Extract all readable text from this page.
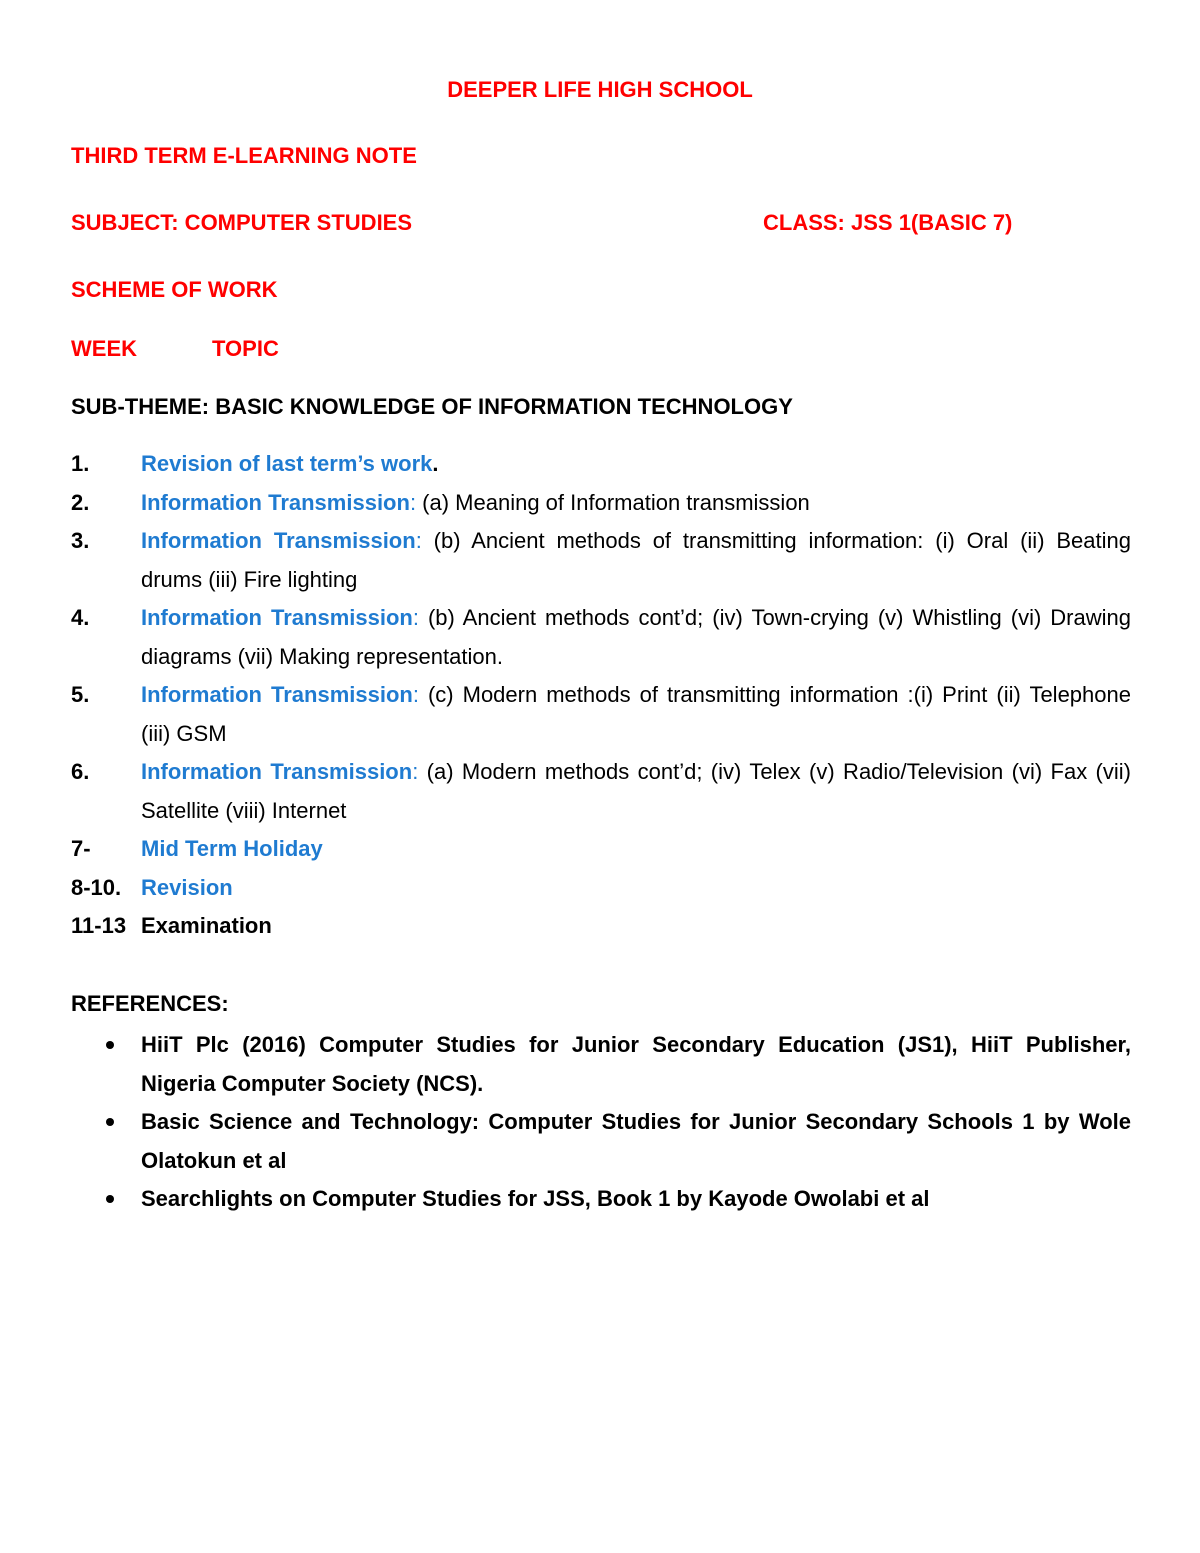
DEEPER LIFE HIGH SCHOOL
THIRD TERM E-LEARNING NOTE
SUBJECT: COMPUTER STUDIES	CLASS: JSS 1(BASIC 7)
SCHEME OF WORK
WEEK	TOPIC
SUB-THEME: BASIC KNOWLEDGE OF INFORMATION TECHNOLOGY
1.	Revision of last term’s work.
2.	Information Transmission: (a) Meaning of Information transmission
3.	Information Transmission: (b) Ancient methods of transmitting information: (i) Oral (ii) Beating drums (iii) Fire lighting
4.	Information Transmission: (b) Ancient methods cont’d; (iv) Town-crying (v) Whistling (vi) Drawing diagrams (vii) Making representation.
5.	Information Transmission: (c) Modern methods of transmitting information :(i) Print (ii) Telephone (iii) GSM
6.	Information Transmission: (a) Modern methods cont’d; (iv) Telex (v) Radio/Television (vi) Fax (vii) Satellite (viii) Internet
7-	Mid Term Holiday
8-10. Revision
11-13 Examination
REFERENCES:
HiiT Plc (2016) Computer Studies for Junior Secondary Education (JS1), HiiT Publisher, Nigeria Computer Society (NCS).
Basic Science and Technology: Computer Studies for Junior Secondary Schools 1 by Wole Olatokun et al
Searchlights on Computer Studies for JSS, Book 1 by Kayode Owolabi et al
